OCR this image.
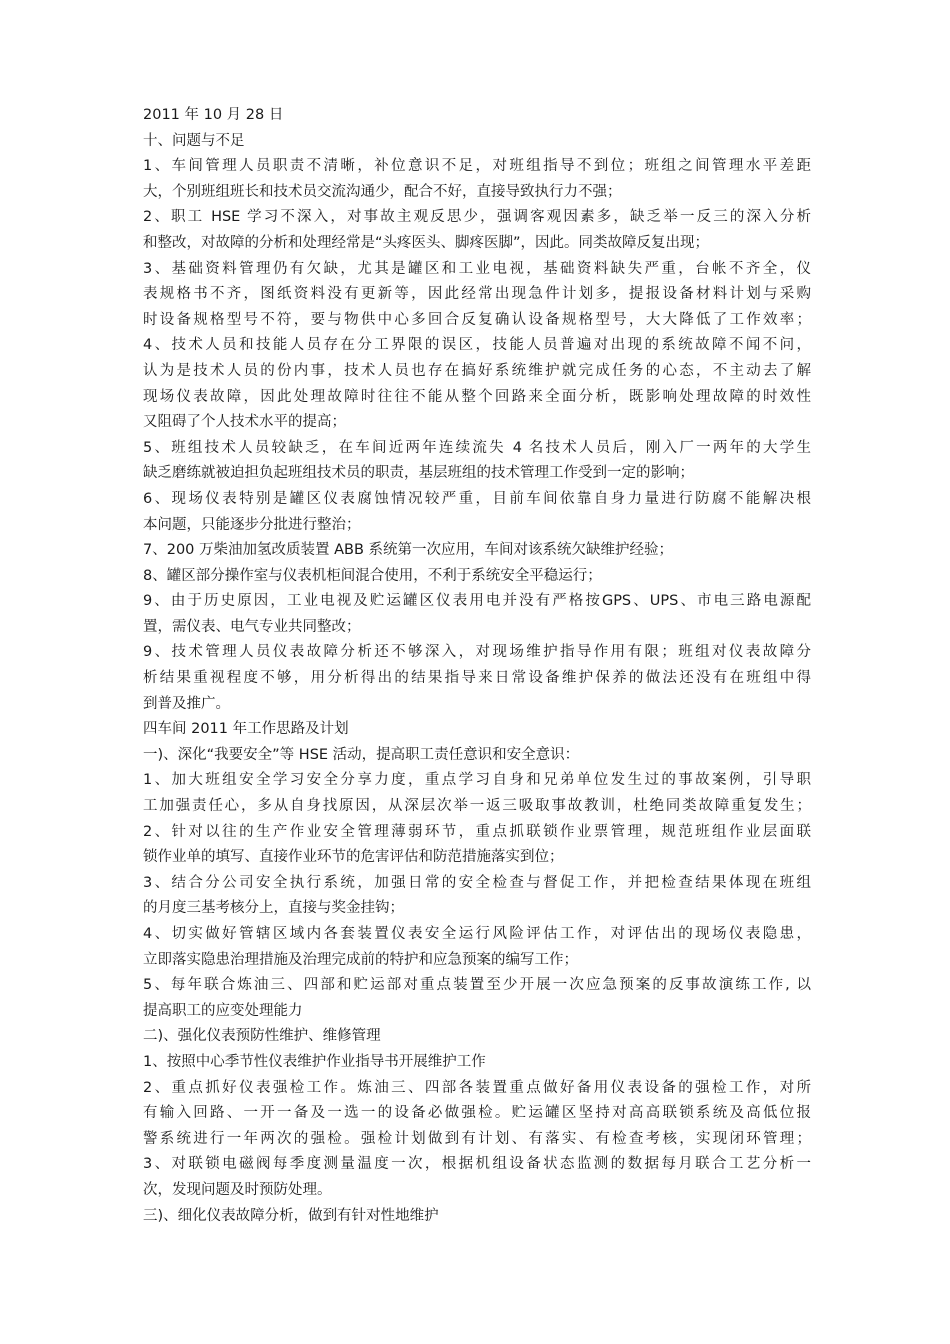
2011 年 10 月 28 日
十、问题与不足
1、车间管理人员职责不清晰，补位意识不足，对班组指导不到位；班组之间管理水平差距
大，个别班组班长和技术员交流沟通少，配合不好，直接导致执行力不强；
2、职工 HSE 学习不深入，对事故主观反思少，强调客观因素多，缺乏举一反三的深入分析
和整改，对故障的分析和处理经常是“头疼医头、脚疼医脚”，因此。同类故障反复出现；
3、基础资料管理仍有欠缺，尤其是罐区和工业电视，基础资料缺失严重，台帐不齐全，仪
表规格书不齐，图纸资料没有更新等，因此经常出现急件计划多，提报设备材料计划与采购
时设备规格型号不符，要与物供中心多回合反复确认设备规格型号，大大降低了工作效率；
4、技术人员和技能人员存在分工界限的误区，技能人员普遍对出现的系统故障不闻不问，
认为是技术人员的份内事，技术人员也存在搞好系统维护就完成任务的心态，不主动去了解
现场仪表故障，因此处理故障时往往不能从整个回路来全面分析，既影响处理故障的时效性
又阻碍了个人技术水平的提高；
5、班组技术人员较缺乏，在车间近两年连续流失 4 名技术人员后，刚入厂一两年的大学生
缺乏磨练就被迫担负起班组技术员的职责，基层班组的技术管理工作受到一定的影响；
6、现场仪表特别是罐区仪表腐蚀情况较严重，目前车间依靠自身力量进行防腐不能解决根
本问题，只能逐步分批进行整治；
7、200 万柴油加氢改质装置 ABB 系统第一次应用，车间对该系统欠缺维护经验；
8、罐区部分操作室与仪表机柜间混合使用，不利于系统安全平稳运行；
9、由于历史原因，工业电视及贮运罐区仪表用电并没有严格按GPS、UPS、市电三路电源配
置，需仪表、电气专业共同整改；
9、技术管理人员仪表故障分析还不够深入，对现场维护指导作用有限；班组对仪表故障分
析结果重视程度不够，用分析得出的结果指导来日常设备维护保养的做法还没有在班组中得
到普及推广。
四车间 2011 年工作思路及计划
一)、深化“我要安全”等 HSE 活动，提高职工责任意识和安全意识：
1、加大班组安全学习安全分享力度，重点学习自身和兄弟单位发生过的事故案例，引导职
工加强责任心，多从自身找原因，从深层次举一返三吸取事故教训，杜绝同类故障重复发生；
2、针对以往的生产作业安全管理薄弱环节，重点抓联锁作业票管理，规范班组作业层面联
锁作业单的填写、直接作业环节的危害评估和防范措施落实到位；
3、结合分公司安全执行系统，加强日常的安全检查与督促工作，并把检查结果体现在班组
的月度三基考核分上，直接与奖金挂钩；
4、切实做好管辖区域内各套装置仪表安全运行风险评估工作，对评估出的现场仪表隐患，
立即落实隐患治理措施及治理完成前的特护和应急预案的编写工作；
5、每年联合炼油三、四部和贮运部对重点装置至少开展一次应急预案的反事故演练工作, 以
提高职工的应变处理能力
二)、强化仪表预防性维护、维修管理
1、按照中心季节性仪表维护作业指导书开展维护工作
2、重点抓好仪表强检工作。炼油三、四部各装置重点做好备用仪表设备的强检工作，对所
有输入回路、一开一备及一选一的设备必做强检。贮运罐区坚持对高高联锁系统及高低位报
警系统进行一年两次的强检。强检计划做到有计划、有落实、有检查考核，实现闭环管理；
3、对联锁电磁阀每季度测量温度一次，根据机组设备状态监测的数据每月联合工艺分析一
次，发现问题及时预防处理。
三)、细化仪表故障分析，做到有针对性地维护
